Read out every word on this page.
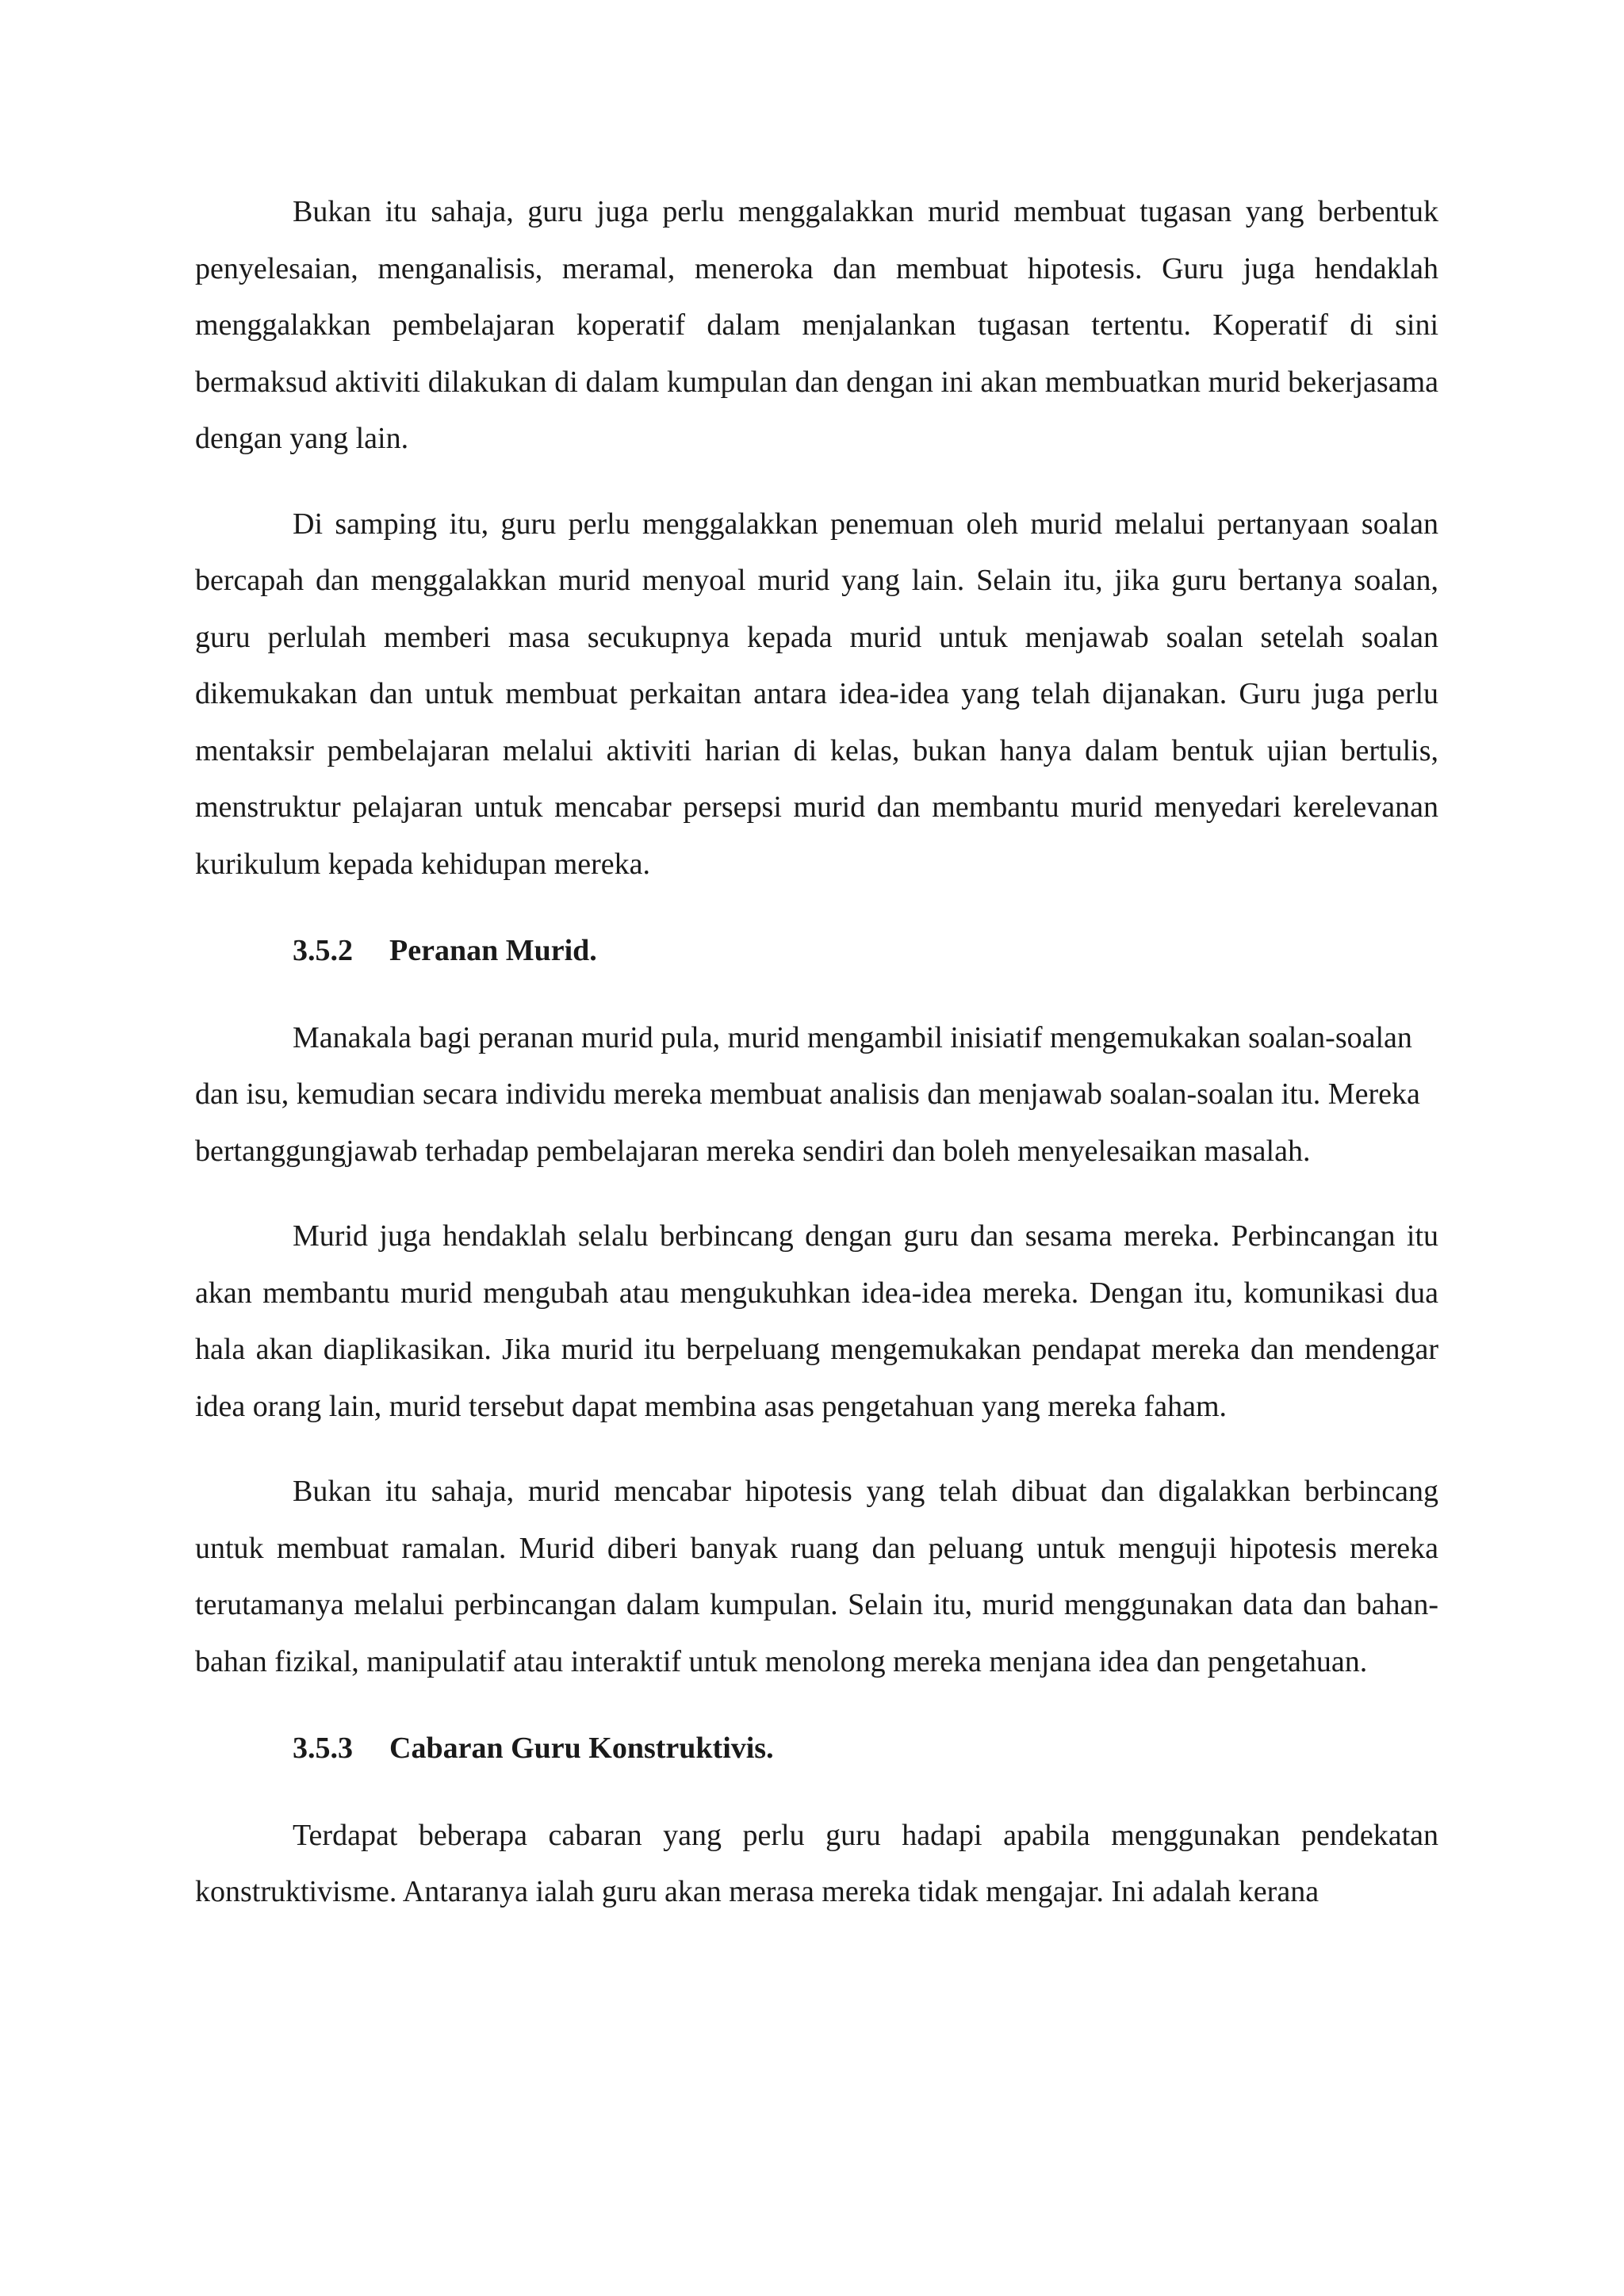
Bukan itu sahaja, guru juga perlu menggalakkan murid membuat tugasan yang berbentuk penyelesaian, menganalisis, meramal, meneroka dan membuat hipotesis. Guru juga hendaklah menggalakkan pembelajaran koperatif dalam menjalankan tugasan tertentu. Koperatif di sini bermaksud aktiviti dilakukan di dalam kumpulan dan dengan ini akan membuatkan murid bekerjasama dengan yang lain.

Di samping itu, guru perlu menggalakkan penemuan oleh murid melalui pertanyaan soalan bercapah dan menggalakkan murid menyoal murid yang lain. Selain itu, jika guru bertanya soalan, guru perlulah memberi masa secukupnya kepada murid untuk menjawab soalan setelah soalan dikemukakan dan untuk membuat perkaitan antara idea-idea yang telah dijanakan. Guru juga perlu mentaksir pembelajaran melalui aktiviti harian di kelas, bukan hanya dalam bentuk ujian bertulis, menstruktur pelajaran untuk mencabar persepsi murid dan membantu murid menyedari kerelevanan kurikulum kepada kehidupan mereka.

3.5.2 Peranan Murid.

Manakala bagi peranan murid pula, murid mengambil inisiatif mengemukakan soalan-soalan dan isu, kemudian secara individu mereka membuat analisis dan menjawab soalan-soalan itu. Mereka bertanggungjawab terhadap pembelajaran mereka sendiri dan boleh menyelesaikan masalah.

Murid juga hendaklah selalu berbincang dengan guru dan sesama mereka. Perbincangan itu akan membantu murid mengubah atau mengukuhkan idea-idea mereka. Dengan itu, komunikasi dua hala akan diaplikasikan. Jika murid itu berpeluang mengemukakan pendapat mereka dan mendengar idea orang lain, murid tersebut dapat membina asas pengetahuan yang mereka faham.

Bukan itu sahaja, murid mencabar hipotesis yang telah dibuat dan digalakkan berbincang untuk membuat ramalan. Murid diberi banyak ruang dan peluang untuk menguji hipotesis mereka terutamanya melalui perbincangan dalam kumpulan. Selain itu, murid menggunakan data dan bahan-bahan fizikal, manipulatif atau interaktif untuk menolong mereka menjana idea dan pengetahuan.

3.5.3 Cabaran Guru Konstruktivis.

Terdapat beberapa cabaran yang perlu guru hadapi apabila menggunakan pendekatan konstruktivisme. Antaranya ialah guru akan merasa mereka tidak mengajar. Ini adalah kerana
